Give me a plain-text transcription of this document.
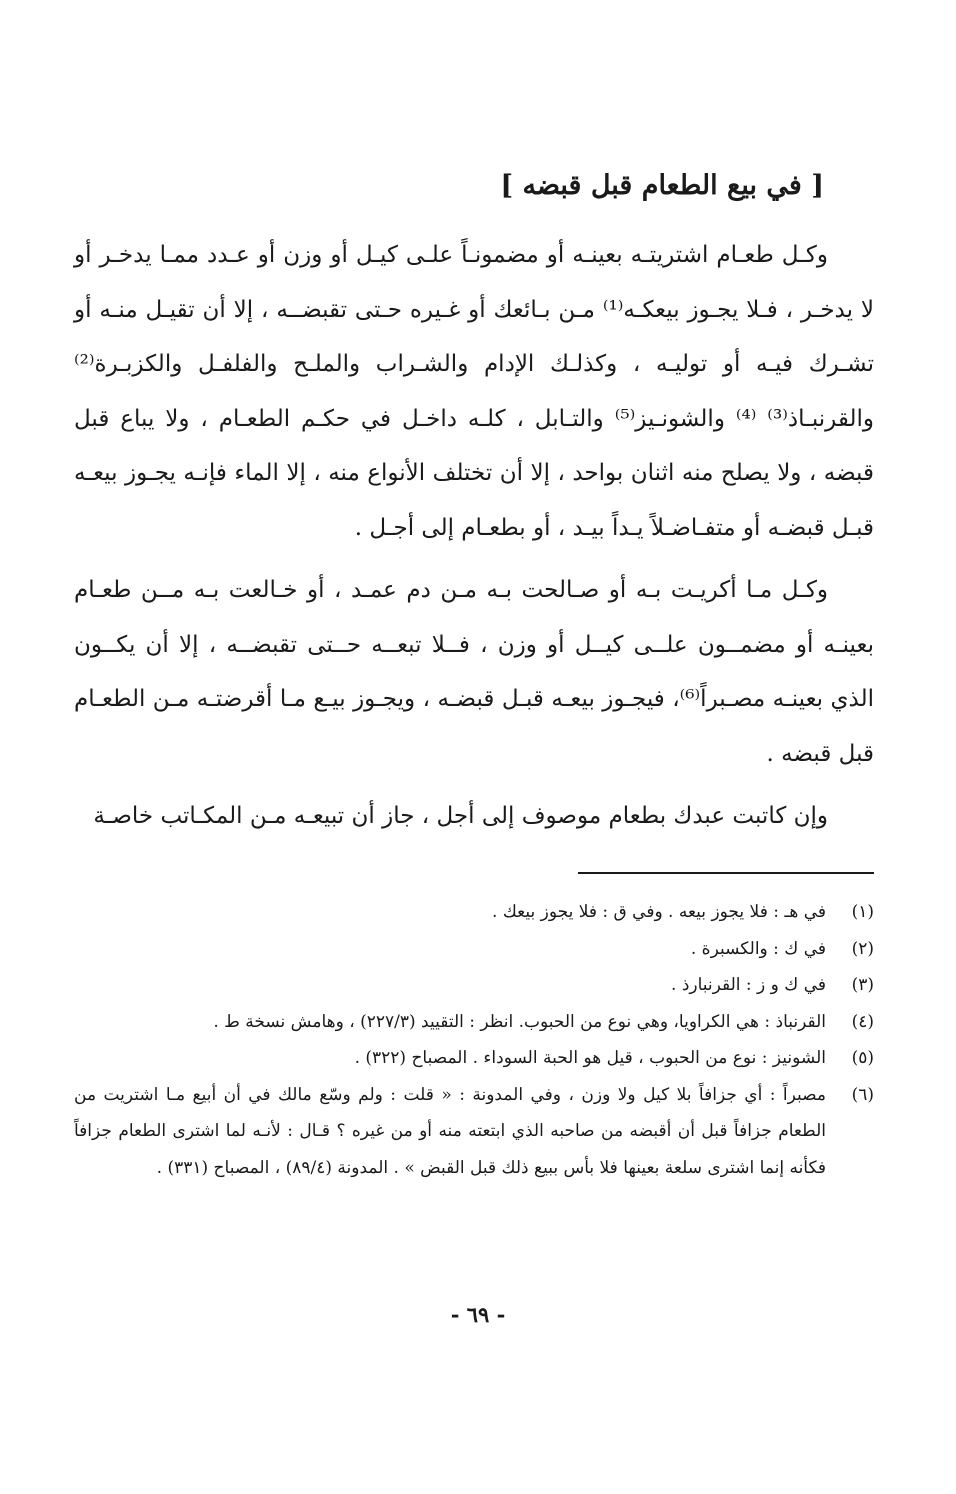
[ في بيع الطعام قبل قبضه ]

وكـل طعـام اشتريتـه بعينـه أو مضمونـاً علـى كيـل أو وزن أو عـدد ممـا يدخـر أو لا يدخـر ، فـلا يجـوز بيعكـه⁽¹⁾ مـن بـائعك أو غـيره حـتى تقبضــه ، إلا أن تقيـل منـه أو تشـرك فيـه أو توليـه ، وكذلـك الإدام والشـراب والملـح والفلفـل والكزبـرة⁽²⁾ والقرنبـاذ⁽³⁾ ⁽⁴⁾ والشونـيز⁽⁵⁾ والتـابل ، كلـه داخـل في حكـم الطعـام ، ولا يباع قبل قبضه ، ولا يصلح منه اثنان بواحد ، إلا أن تختلف الأنواع منه ، إلا الماء فإنـه يجـوز بيعـه قبـل قبضـه أو متفـاضـلاً يـداً بيـد ، أو بطعـام إلى أجـل .

وكـل مـا أكريـت بـه أو صـالحت بـه مـن دم عمـد ، أو خـالعت بـه مــن طعـام بعينـه أو مضمــون علــى كيــل أو وزن ، فــلا تبعــه حــتى تقبضــه ، إلا أن يكــون الذي بعينـه مصـبراً⁽⁶⁾، فيجـوز بيعـه قبـل قبضـه ، ويجـوز بيـع مـا أقرضتـه مـن الطعـام قبل قبضه .

وإن كاتبت عبدك بطعام موصوف إلى أجل ، جاز أن تبيعـه مـن المكـاتب خاصـة

(١)
في هـ : فلا يجوز بيعه . وفي ق : فلا يجوز بيعك .
(٢)
في ك : والكسبرة .
(٣)
في ك و ز : القرنبارذ .
(٤)
القرنباذ : هي الكراويا، وهي نوع من الحبوب. انظر : التقييد (٢٢٧/٣) ، وهامش نسخة ط .
(٥)
الشونيز : نوع من الحبوب ، قيل هو الحبة السوداء . المصباح (٣٢٢) .
(٦)
مصبراً : أي جزافاً بلا كيل ولا وزن ، وفي المدونة : « قلت : ولم وسّع مالك في أن أبيع مـا اشتريت من الطعام جزافاً قبل أن أقبضه من صاحبه الذي ابتعته منه أو من غيره ؟ قـال : لأنـه لما اشترى الطعام جزافاً فكأنه إنما اشترى سلعة بعينها فلا بأس ببيع ذلك قبل القبض » . المدونة (٨٩/٤) ، المصباح (٣٣١) .
- ٦٩ -
